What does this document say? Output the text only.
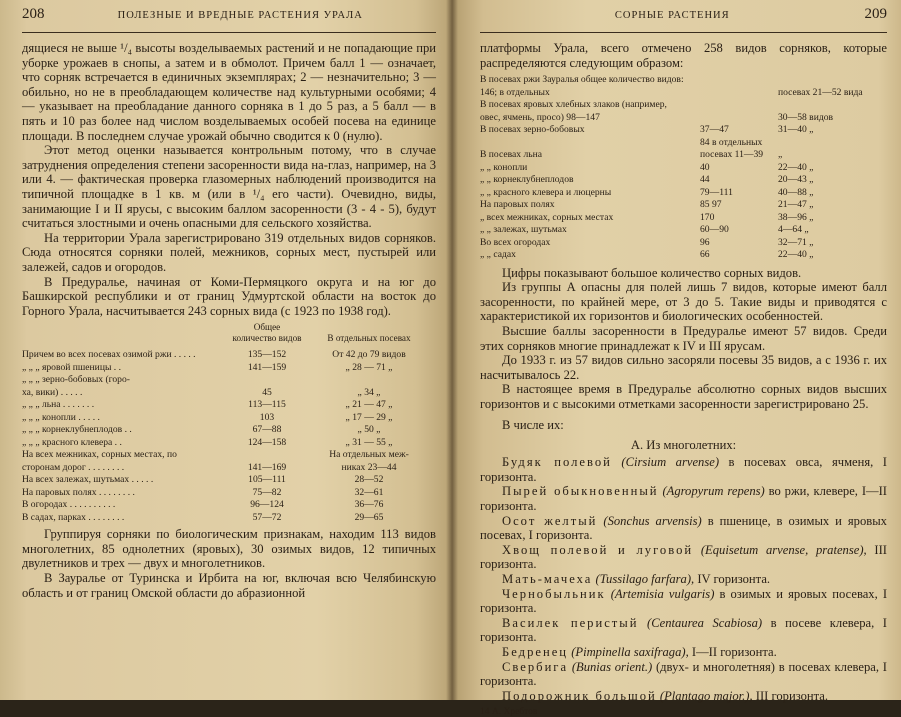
208	ПОЛЕЗНЫЕ И ВРЕДНЫЕ РАСТЕНИЯ УРАЛА

дящиеся не выше ¹/₄ высоты возделываемых растений и не попадающие при уборке урожаев в снопы, а затем и в обмолот. Причем балл 1 — означает, что сорняк встречается в единичных экземплярах; 2 — незначительно; 3 — обильно, но не в преобладающем количестве над культурными особями; 4 — указывает на преобладание данного сорняка в 1 до 5 раз, а 5 балл — в пять и 10 раз более над числом возделываемых особей посева на единице площади. В последнем случае урожай обычно сводится к 0 (нулю).

Этот метод оценки называется контрольным потому, что в случае затруднения определения степени засоренности вида на-глаз, например, на 3 или 4. — фактическая проверка глазомерных наблюдений производится на типичной площадке в 1 кв. м (или в ¹/₄ его части). Очевидно, виды, занимающие I и II ярусы, с высоким баллом засоренности (3 - 4 - 5), будут считаться злостными и очень опасными для сельского хозяйства.

На территории Урала зарегистрировано 319 отдельных видов сорняков. Сюда относятся сорняки полей, межников, сорных мест, пустырей или залежей, садов и огородов.

В Предуралье, начиная от Коми-Пермяцкого округа и на юг до Башкирской республики и от границ Удмуртской области на восток до Горного Урала, насчитывается 243 сорных вида (с 1923 по 1938 год).

	Общее количество видов	В отдельных посевах
Причем во всех посевах озимой ржи . . . . .	135—152	От 42 до 79 видов
„ „ „ яровой пшеницы . .	141—159	„ 28 — 71 „
„ „ „ зерно-бобовых (горо-		
ха, вики) . . . . .	45	„ 34 „
„ „ „ льна . . . . . . .	113—115	„ 21 — 47 „
„ „ „ конопли . . . . .	103	„ 17 — 29 „
„ „ „ корнеклубнеплодов . .	67—88	„ 50 „
„ „ „ красного клевера . .	124—158	„ 31 — 55 „
На всех межниках, сорных местах, по		На отдельных меж-
сторонам дорог . . . . . . . .	141—169	никах 23—44
На всех залежах, шутьмах . . . . .	105—111	28—52
На паровых полях . . . . . . . .	75—82	32—61
В огородах . . . . . . . . . .	96—124	36—76
В садах, парках . . . . . . . .	57—72	29—65

Группируя сорняки по биологическим признакам, находим 113 видов многолетних, 85 однолетних (яровых), 30 озимых видов, 12 типичных двулетников и трех — двух и многолетников.

В Зауралье от Туринска и Ирбита на юг, включая всю Челябинскую область и от границ Омской области до абразионной

СОРНЫЕ РАСТЕНИЯ	209

платформы Урала, всего отмечено 258 видов сорняков, которые распределяются следующим образом:

В посевах ржи Зауралья общее количество видов: 146; в отдельных		посевах 21—52 вида
В посевах яровых хлебных злаков (например,		
овес, ячмень, просо) 98—147		30—58 видов
В посевах зерно-бобовых	37—47	31—40 „
В посевах льна	84 в отдельных посевах 11—39	„
„ „ конопли	40	22—40 „
„ „ корнеклубнеплодов	44	20—43 „
„ „ красного клевера и люцерны	79—111	40—88 „
На паровых полях	85 97	21—47 „
„ всех межниках, сорных местах	170	38—96 „
„ „ залежах, шутьмах	60—90	4—64 „
Во всех огородах	96	32—71 „
„ „ садах	66	22—40 „

Цифры показывают большое количество сорных видов.

Из группы А опасны для полей лишь 7 видов, которые имеют балл засоренности, по крайней мере, от 3 до 5. Такие виды и приводятся с характеристикой их горизонтов и биологических особенностей.

Высшие баллы засоренности в Предуралье имеют 57 видов. Среди этих сорняков многие принадлежат к IV и III ярусам.

До 1933 г. из 57 видов сильно засоряли посевы 35 видов, а с 1936 г. их насчитывалось 22.

В настоящее время в Предуралье абсолютно сорных видов высших горизонтов и с высокими отметками засоренности зарегистрировано 25.

В числе их:

А. Из многолетних:

Будяк полевой (Cirsium arvense) в посевах овса, ячменя, I горизонта.

Пырей обыкновенный (Agropyrum repens) во ржи, клевере, I—II горизонта.

Осот желтый (Sonchus arvensis) в пшенице, в озимых и яровых посевах, I горизонта.

Хвощ полевой и луговой (Equisetum arvense, pratense), III горизонта.

Мать-мачеха (Tussilago farfara), IV горизонта.

Чернобыльник (Artemisia vulgaris) в озимых и яровых посевах, I горизонта.

Василек перистый (Centaurea Scabiosa) в посеве клевера, I горизонта.

Бедренец (Pimpinella saxifraga), I—II горизонта.

Свербига (Bunias orient.) (двух- и многолетняя) в посевах клевера, I горизонта.

Подорожник большой (Plantago major.), III горизонта.

14 А. Хребтов
